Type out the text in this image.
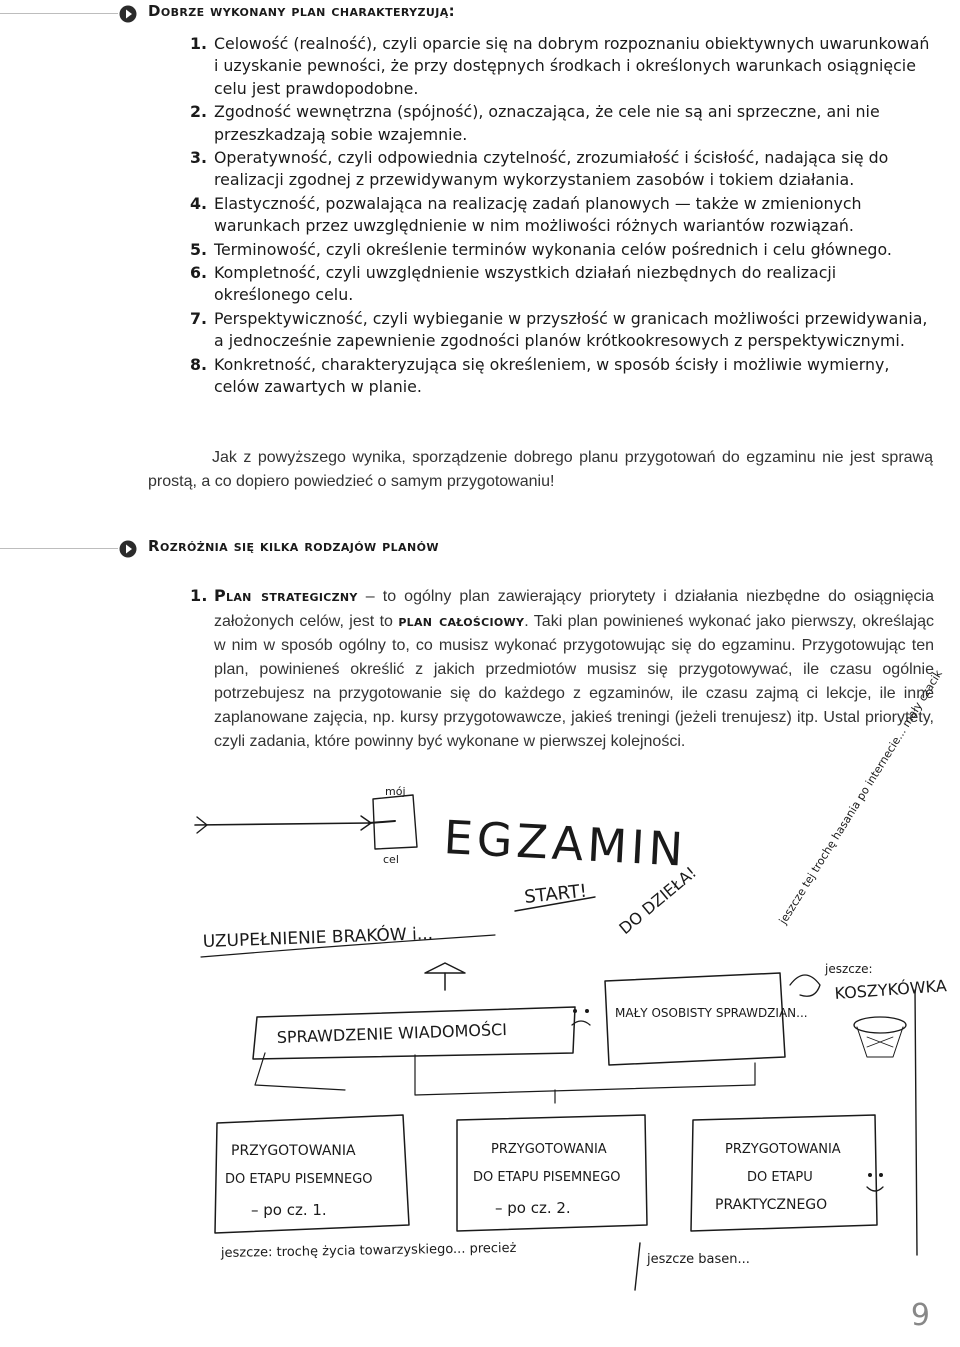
Dobrze wykonany plan charakteryzują:
1. Celowość (realność), czyli oparcie się na dobrym rozpoznaniu obiektywnych uwarunkowań i uzyskanie pewności, że przy dostępnych środkach i określonych warunkach osiągnięcie celu jest prawdopodobne.
2. Zgodność wewnętrzna (spójność), oznaczająca, że cele nie są ani sprzeczne, ani nie przeszkadzają sobie wzajemnie.
3. Operatywność, czyli odpowiednia czytelność, zrozumiałość i ścisłość, nadająca się do realizacji zgodnej z przewidywanym wykorzystaniem zasobów i tokiem działania.
4. Elastyczność, pozwalająca na realizację zadań planowych — także w zmienionych warunkach przez uwzględnienie w nim możliwości różnych wariantów rozwiązań.
5. Terminowość, czyli określenie terminów wykonania celów pośrednich i celu głównego.
6. Kompletność, czyli uwzględnienie wszystkich działań niezbędnych do realizacji określonego celu.
7. Perspektywiczność, czyli wybieganie w przyszłość w granicach możliwości przewidywania, a jednocześnie zapewnienie zgodności planów krótkookresowych z perspektywicznymi.
8. Konkretność, charakteryzująca się określeniem, w sposób ścisły i możliwie wymierny, celów zawartych w planie.
Jak z powyższego wynika, sporządzenie dobrego planu przygotowań do egzaminu nie jest sprawą prostą, a co dopiero powiedzieć o samym przygotowaniu!
Rozróżnia się kilka rodzajów planów
1. Plan strategiczny – to ogólny plan zawierający priorytety i działania niezbędne do osiągnięcia założonych celów, jest to plan całościowy. Taki plan powinieneś wykonać jako pierwszy, określając w nim w sposób ogólny to, co musisz wykonać przygotowując się do egzaminu. Przygotowując ten plan, powinieneś określić z jakich przedmiotów musisz się przygotowywać, ile czasu ogólnie potrzebujesz na przygotowanie się do każdego z egzaminów, ile czasu zajmą ci lekcje, ile inne zaplanowane zajęcia, np. kursy przygotowawcze, jakieś treningi (jeżeli trenujesz) itp. Ustal priorytety, czyli zadania, które powinny być wykonane w pierwszej kolejności.
mój
cel EGZAMIN
START! DO DZIEŁA!	jeszcze tej trochę hasania po internecie... mały czacik
UZUPEŁNIENIE BRAKÓW i...
jeszcze:
KOSZYKÓWKA
SPRAWDZENIE WIADOMOŚCI
MAŁY OSOBISTY SPRAWDZIAN...
PRZYGOTOWANIA
DO ETAPU PISEMNEGO
– po cz. 1.
PRZYGOTOWANIA
DO ETAPU PISEMNEGO
– po cz. 2.
PRZYGOTOWANIA
DO ETAPU
PRAKTYCZNEGO
jeszcze: trochę życia towarzyskiego... precież	jeszcze basen...
9
